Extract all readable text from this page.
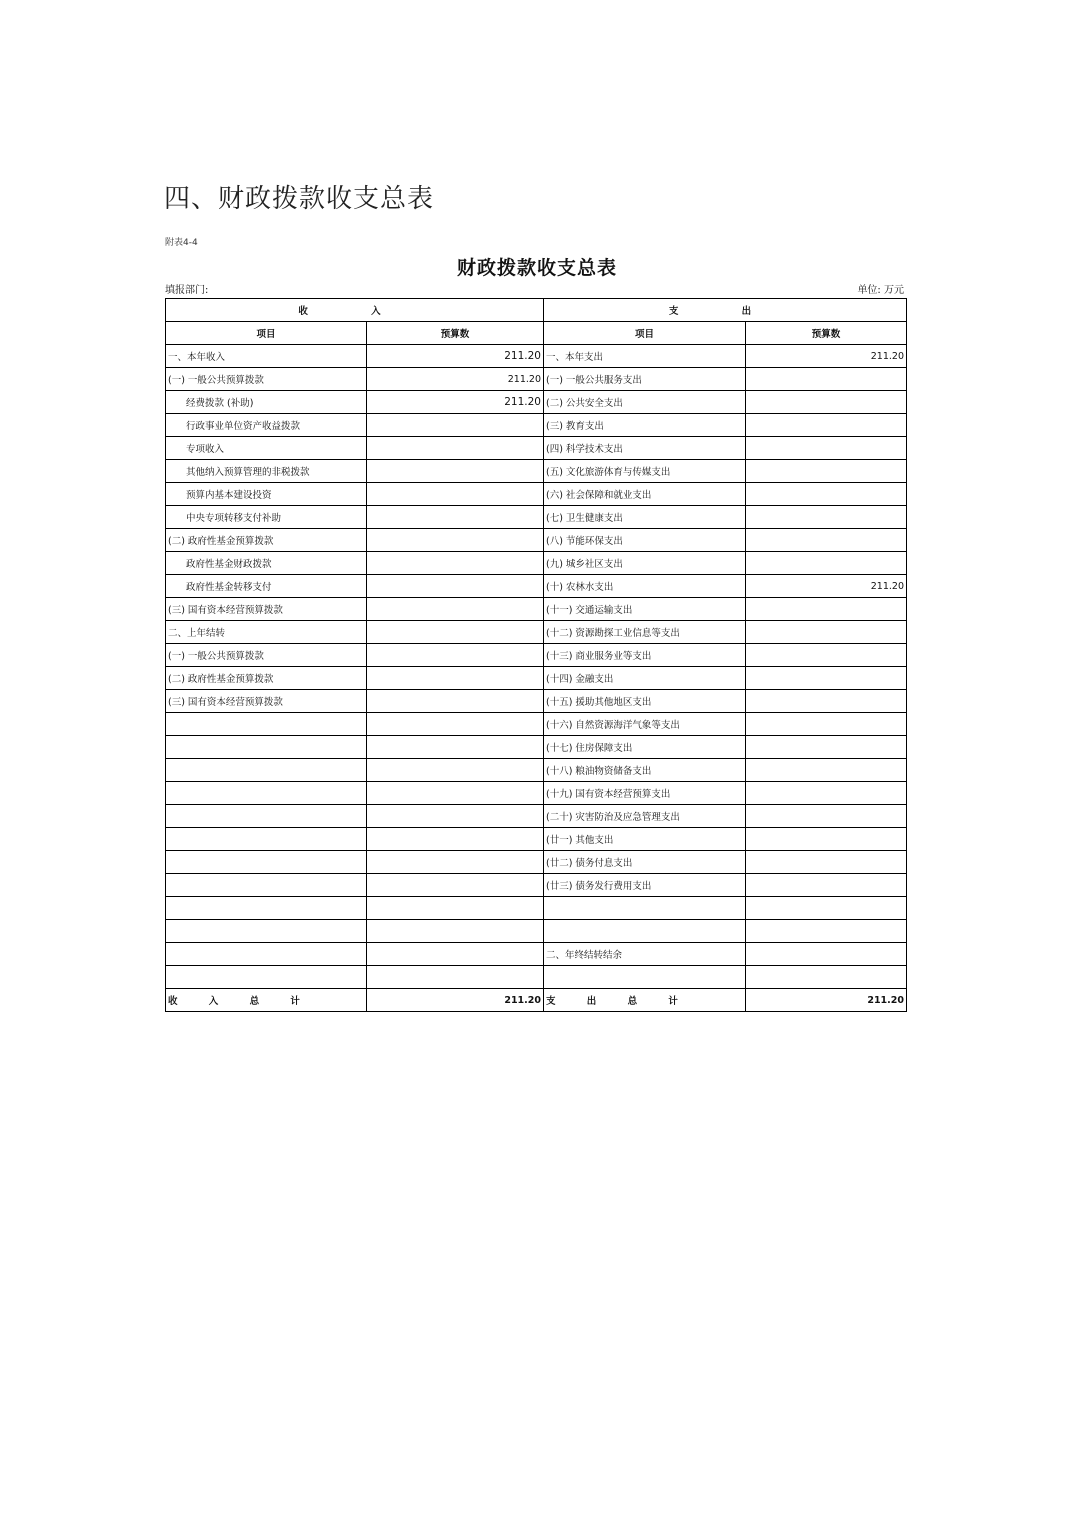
四、财政拨款收支总表
附表4-4
财政拨款收支总表
填报部门:	单位: 万元
收 入		支 出	
项目	预算数	项目	预算数
一、本年收入	211.20	一、本年支出	211.20
(一) 一般公共预算拨款	211.20	(一) 一般公共服务支出	
经费拨款 (补助)	211.20	(二) 公共安全支出	
行政事业单位资产收益拨款		(三) 教育支出	
专项收入		(四) 科学技术支出	
其他纳入预算管理的非税拨款		(五) 文化旅游体育与传媒支出	
预算内基本建设投资		(六) 社会保障和就业支出	
中央专项转移支付补助		(七) 卫生健康支出	
(二) 政府性基金预算拨款		(八) 节能环保支出	
政府性基金财政拨款		(九) 城乡社区支出	
政府性基金转移支付		(十) 农林水支出	211.20
(三) 国有资本经营预算拨款		(十一) 交通运输支出	
二、上年结转		(十二) 资源勘探工业信息等支出	
(一) 一般公共预算拨款		(十三) 商业服务业等支出	
(二) 政府性基金预算拨款		(十四) 金融支出	
(三) 国有资本经营预算拨款		(十五) 援助其他地区支出	
		(十六) 自然资源海洋气象等支出	
		(十七) 住房保障支出	
		(十八) 粮油物资储备支出	
		(十九) 国有资本经营预算支出	
		(二十) 灾害防治及应急管理支出	
		(廿一) 其他支出	
		(廿二) 债务付息支出	
		(廿三) 债务发行费用支出	

		二、年终结转结余	

收 入 总 计	211.20	支 出 总 计	211.20
